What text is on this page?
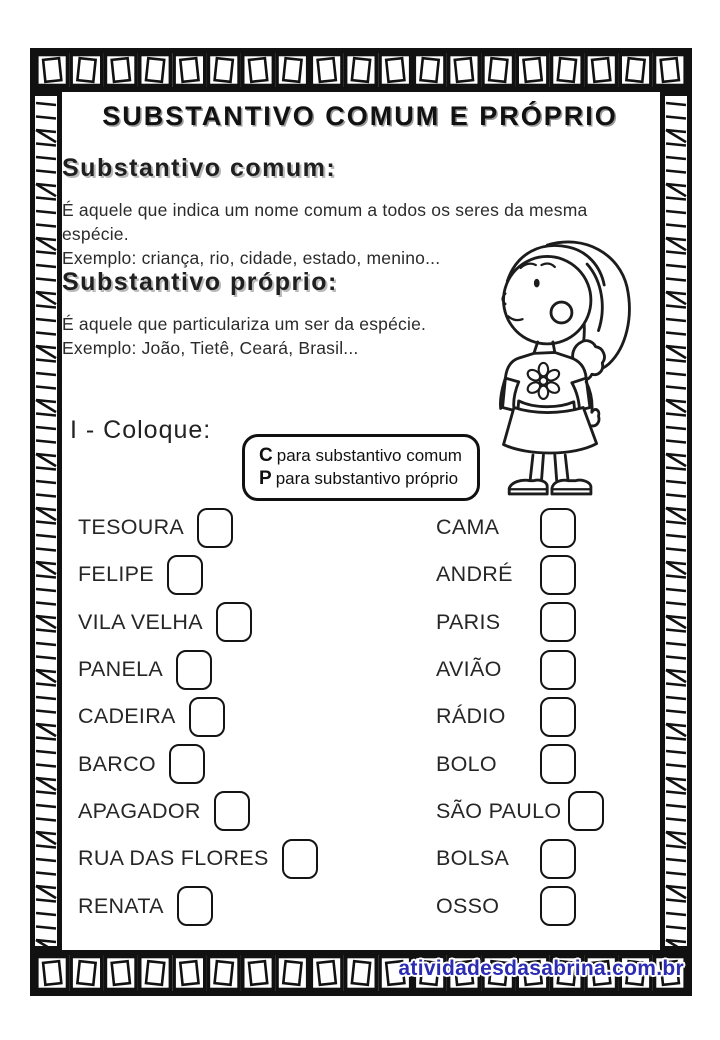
SUBSTANTIVO COMUM E PRÓPRIO
Substantivo comum:
É aquele que indica um nome comum a todos os seres da mesma espécie.
Exemplo: criança, rio, cidade, estado, menino...
Substantivo próprio:
É aquele que particulariza um ser da espécie.
Exemplo: João, Tietê, Ceará, Brasil...
I - Coloque:
C para substantivo comum
P para substantivo próprio
TESOURA
FELIPE
VILA VELHA
PANELA
CADEIRA
BARCO
APAGADOR
RUA DAS FLORES
RENATA
CAMA
ANDRÉ
PARIS
AVIÃO
RÁDIO
BOLO
SÃO PAULO
BOLSA
OSSO
atividadesdasabrina.com.br
